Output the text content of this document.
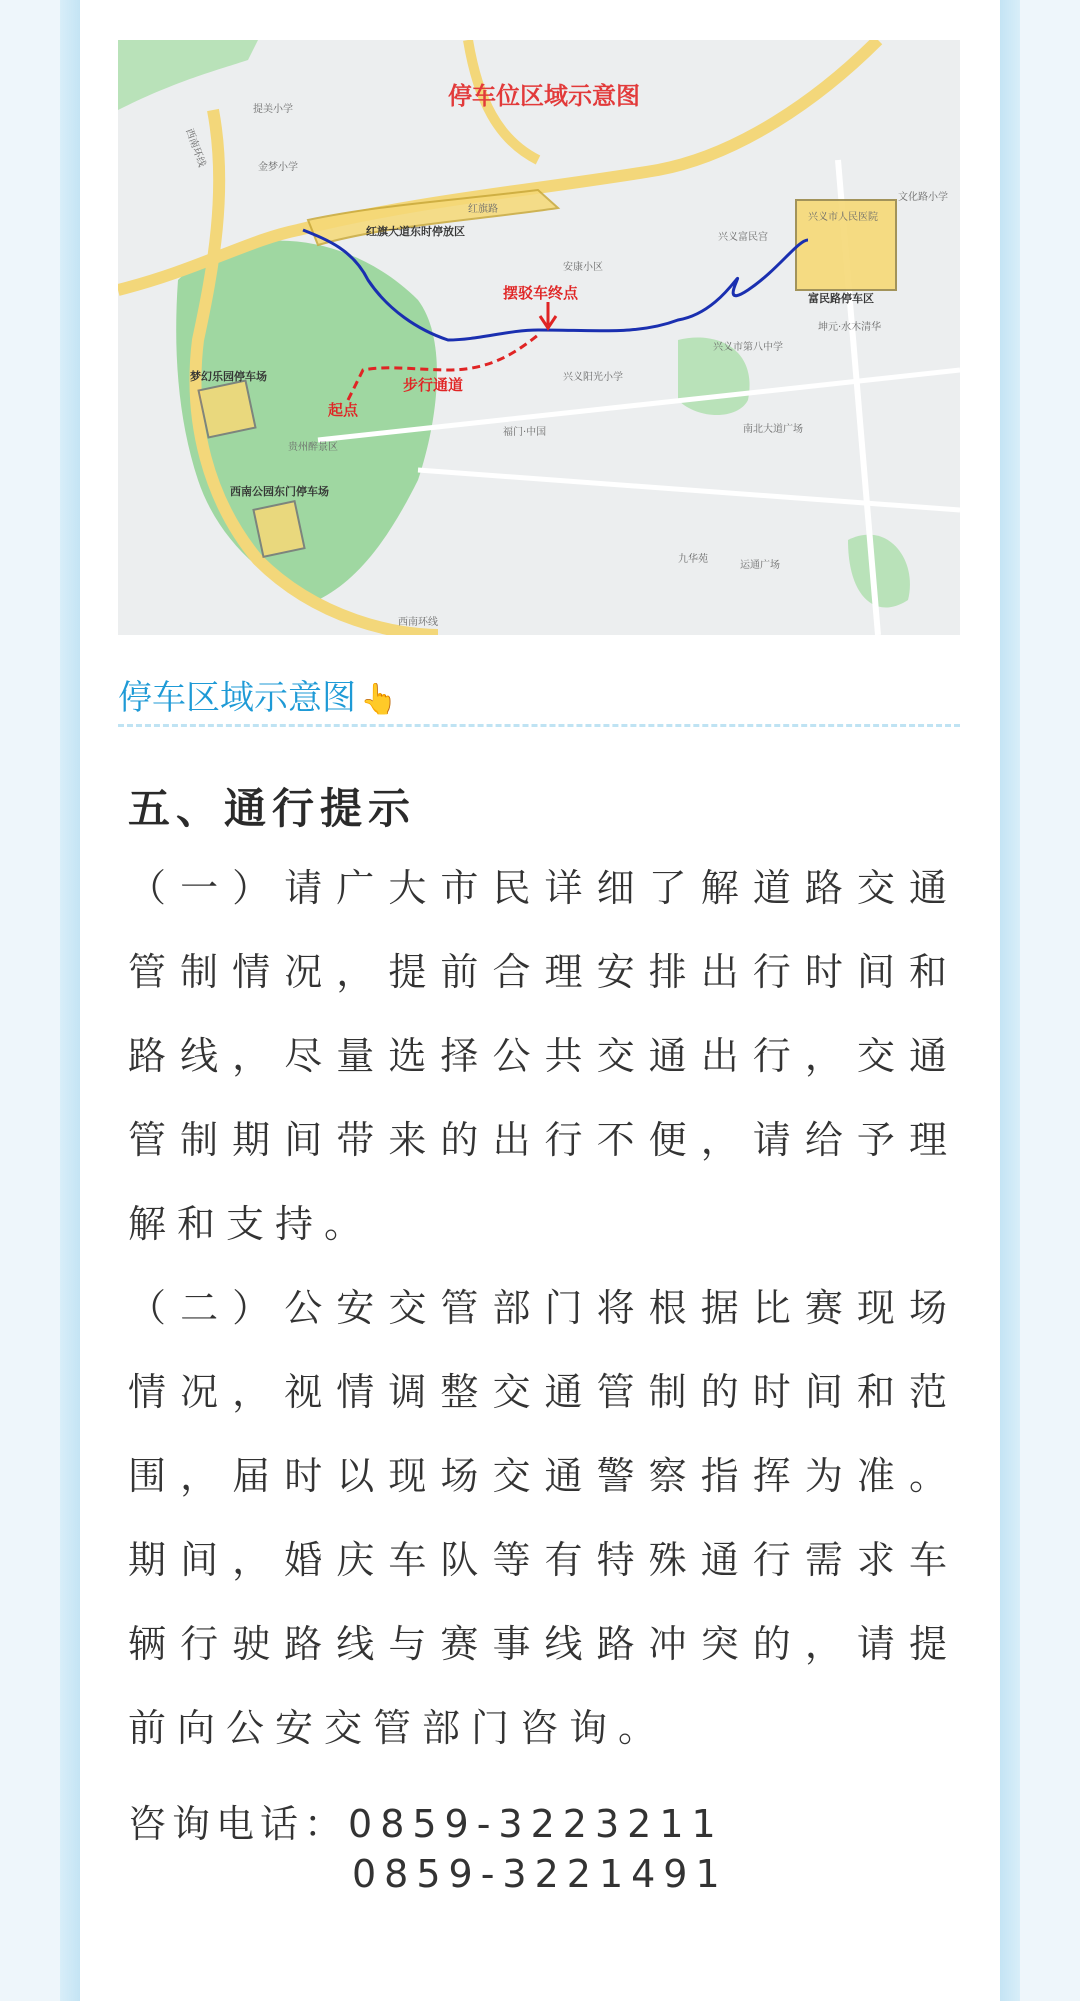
西南环线
西南环线
红旗路
红旗大道东时停放区
梦幻乐园停车场
西南公园东门停车场
兴义市人民医院
富民路停车区
摆驳车终点
步行通道
起点
提美小学
金梦小学
安康小区
兴义阳光小学
贵州醉景区
兴义市第八中学
兴义富民宫
文化路小学
福门·中国	南北大道广场
运通广场
九华苑
坤元·水木清华
停车位区域示意图
停车区域示意图 👆
五、通行提示

（一）请广大市民详细了解道路交通管制情况，提前合理安排出行时间和路线，尽量选择公共交通出行，交通管制期间带来的出行不便，请给予理解和支持。

（二）公安交管部门将根据比赛现场情况，视情调整交通管制的时间和范围，届时以现场交通警察指挥为准。期间，婚庆车队等有特殊通行需求车辆行驶路线与赛事线路冲突的，请提前向公安交管部门咨询。

咨询电话：0859-3223211
0859-3221491
